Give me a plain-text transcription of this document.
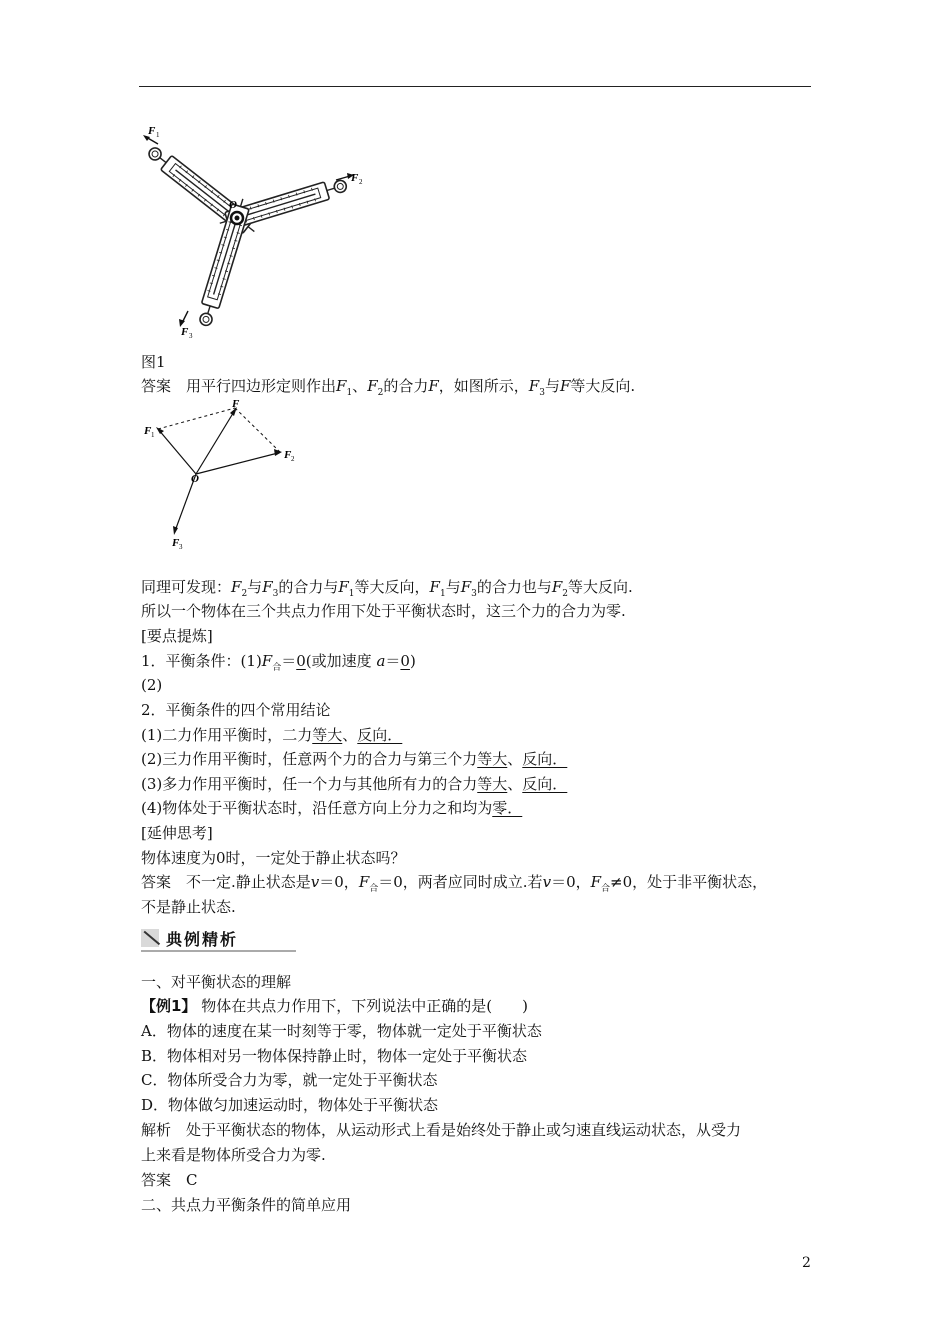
F 1
F 2
F 3
O
图1
答案　用平行四边形定则作出$F_1$、$F_2$的合力F，如图所示，$F_3$与F等大反向.
F
F 1
F 2
F 3
O
同理可发现：$F_2$与$F_3$的合力与$F_1$等大反向，$F_1$与$F_3$的合力也与$F_2$等大反向.
所以一个物体在三个共点力作用下处于平衡状态时，这三个力的合力为零.
[要点提炼]
1．平衡条件：$(1)F_合=0$(或加速度 a＝0)
(2)
2．平衡条件的四个常用结论
(1)二力作用平衡时，二力等大、反向．
(2)三力作用平衡时，任意两个力的合力与第三个力等大、反向．
(3)多力作用平衡时，任一个力与其他所有力的合力等大、反向．
(4)物体处于平衡状态时，沿任意方向上分力之和均为零．
[延伸思考]
物体速度为0时，一定处于静止状态吗？
答案　不一定.静止状态是v＝0，$F_合=0$，两者应同时成立.若v＝0，$F_合\ne 0$，处于非平衡状态，
不是静止状态.
典例精析
一、对平衡状态的理解
【例1】 物体在共点力作用下，下列说法中正确的是(　　)
A．物体的速度在某一时刻等于零，物体就一定处于平衡状态
B．物体相对另一物体保持静止时，物体一定处于平衡状态
C．物体所受合力为零，就一定处于平衡状态
D．物体做匀加速运动时，物体处于平衡状态
解析　处于平衡状态的物体，从运动形式上看是始终处于静止或匀速直线运动状态，从受力
上来看是物体所受合力为零.
答案　C
二、共点力平衡条件的简单应用
2
